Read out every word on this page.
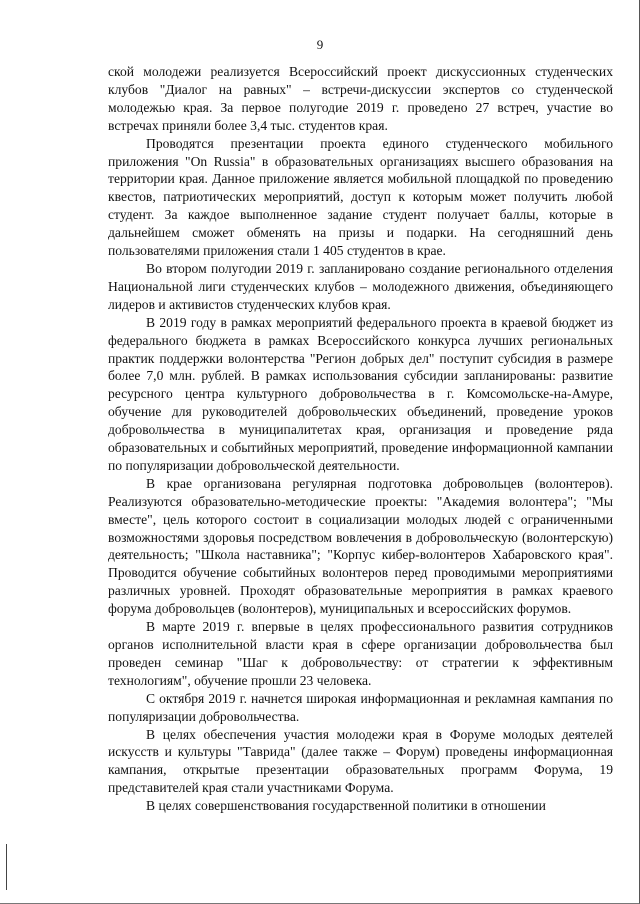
9

ской молодежи реализуется Всероссийский проект дискуссионных студенческих клубов "Диалог на равных" – встречи-дискуссии экспертов со студенческой молодежью края. За первое полугодие 2019 г. проведено 27 встреч, участие во встречах приняли более 3,4 тыс. студентов края.

Проводятся презентации проекта единого студенческого мобильного приложения "On Russia" в образовательных организациях высшего образования на территории края. Данное приложение является мобильной площадкой по проведению квестов, патриотических мероприятий, доступ к которым может получить любой студент. За каждое выполненное задание студент получает баллы, которые в дальнейшем сможет обменять на призы и подарки. На сегодняшний день пользователями приложения стали 1 405 студентов в крае.

Во втором полугодии 2019 г. запланировано создание регионального отделения Национальной лиги студенческих клубов – молодежного движения, объединяющего лидеров и активистов студенческих клубов края.

В 2019 году в рамках мероприятий федерального проекта в краевой бюджет из федерального бюджета в рамках Всероссийского конкурса лучших региональных практик поддержки волонтерства "Регион добрых дел" поступит субсидия в размере более 7,0 млн. рублей. В рамках использования субсидии запланированы: развитие ресурсного центра культурного добровольчества в г. Комсомольске-на-Амуре, обучение для руководителей добровольческих объединений, проведение уроков добровольчества в муниципалитетах края, организация и проведение ряда образовательных и событийных мероприятий, проведение информационной кампании по популяризации добровольческой деятельности.

В крае организована регулярная подготовка добровольцев (волонтеров). Реализуются образовательно-методические проекты: "Академия волонтера"; "Мы вместе", цель которого состоит в социализации молодых людей с ограниченными возможностями здоровья посредством вовлечения в добровольческую (волонтерскую) деятельность; "Школа наставника"; "Корпус кибер-волонтеров Хабаровского края". Проводится обучение событийных волонтеров перед проводимыми мероприятиями различных уровней. Проходят образовательные мероприятия в рамках краевого форума добровольцев (волонтеров), муниципальных и всероссийских форумов.

В марте 2019 г. впервые в целях профессионального развития сотрудников органов исполнительной власти края в сфере организации добровольчества был проведен семинар "Шаг к добровольчеству: от стратегии к эффективным технологиям", обучение прошли 23 человека.

С октября 2019 г. начнется широкая информационная и рекламная кампания по популяризации добровольчества.

В целях обеспечения участия молодежи края в Форуме молодых деятелей искусств и культуры "Таврида" (далее также – Форум) проведены информационная кампания, открытые презентации образовательных программ Форума, 19 представителей края стали участниками Форума.

В целях совершенствования государственной политики в отношении
